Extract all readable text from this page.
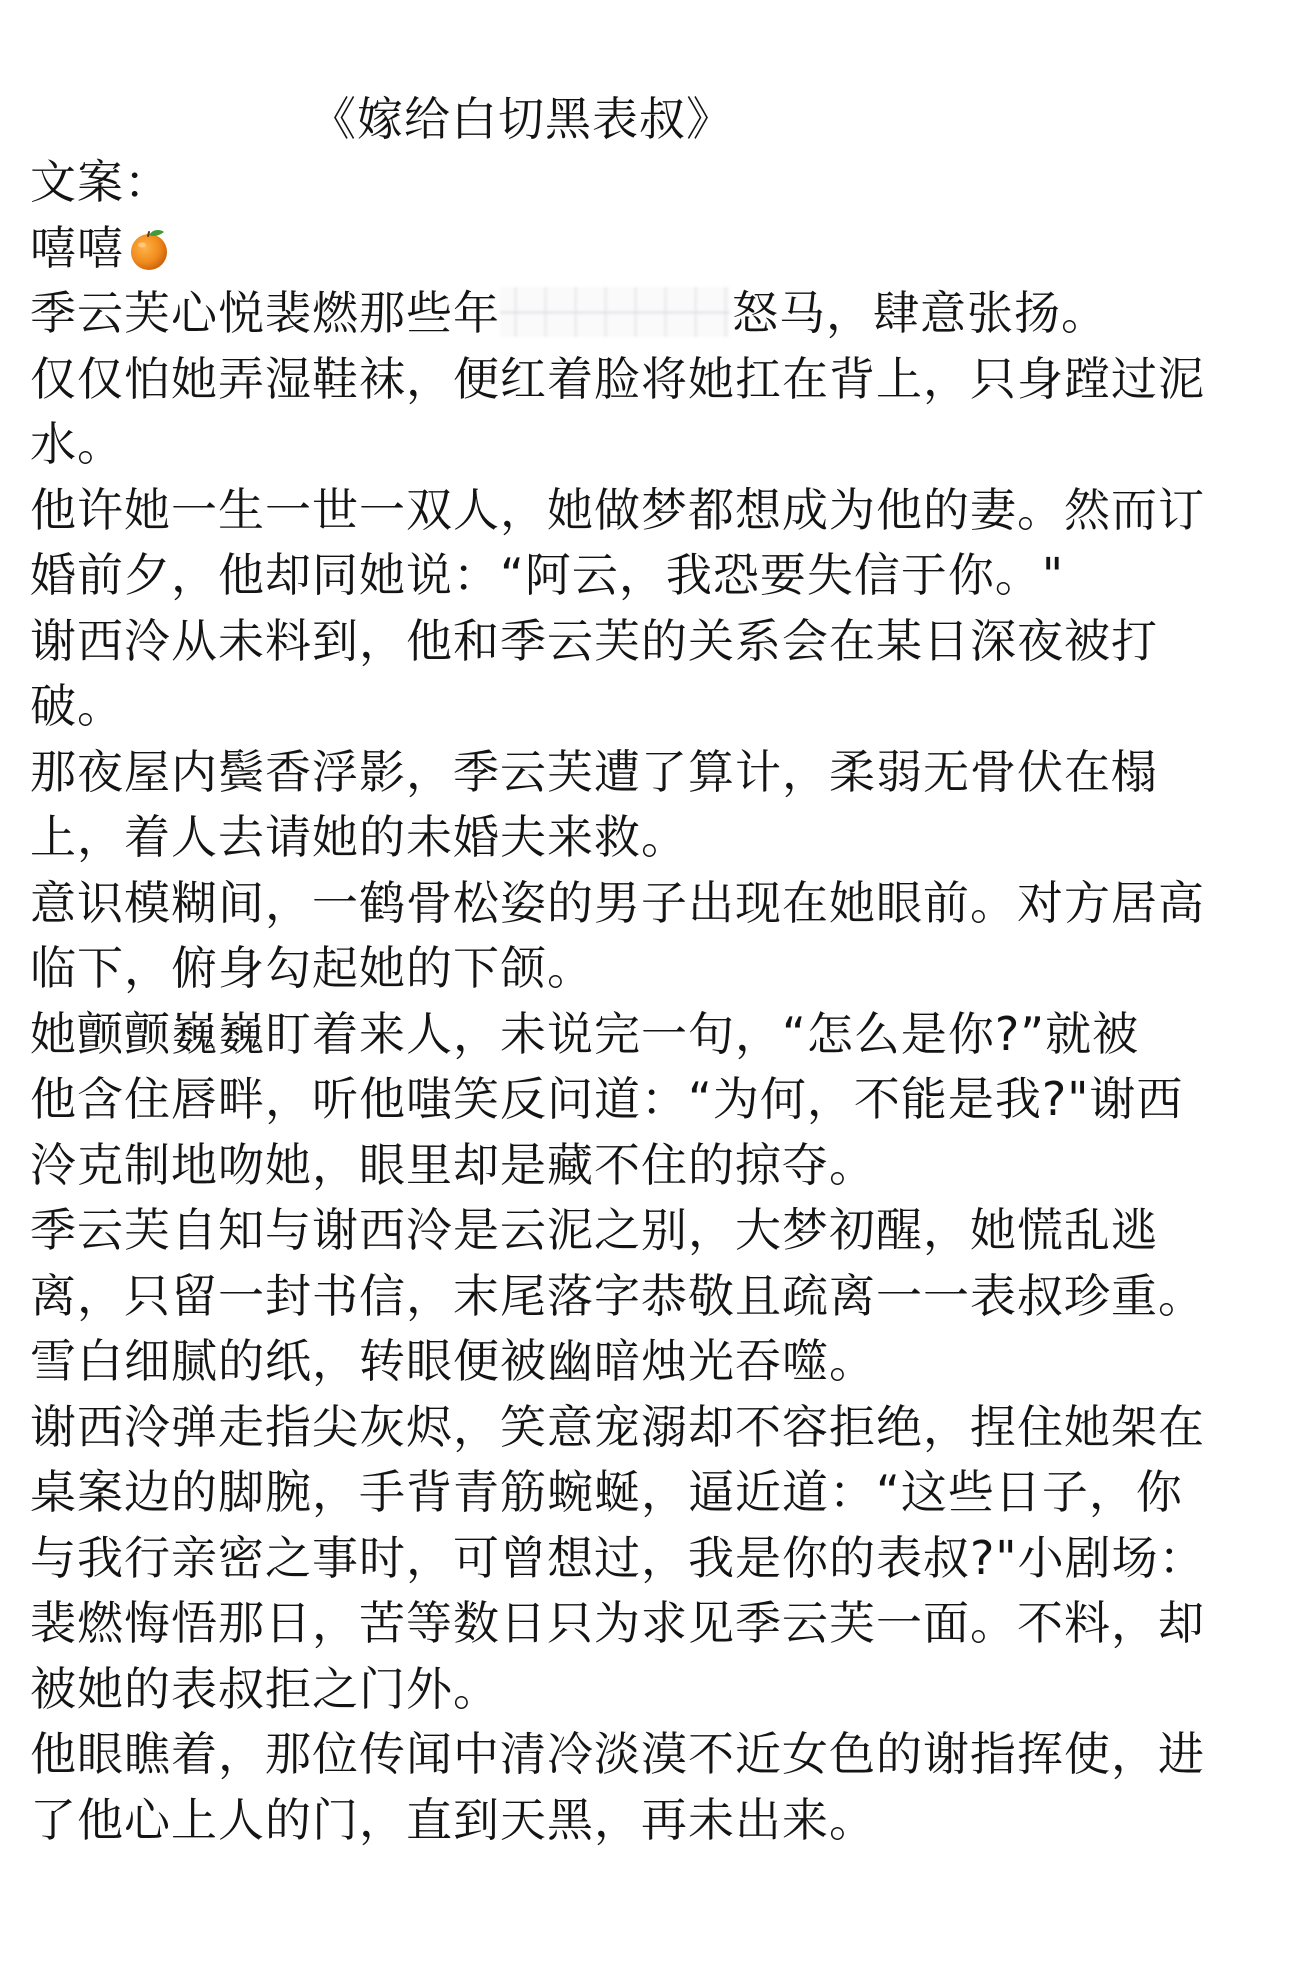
《嫁给白切黑表叔》
文案：
嘻嘻
季云芙心悦裴燃那些年	怒马，肆意张扬。
仅仅怕她弄湿鞋袜，便红着脸将她扛在背上，只身蹚过泥
水。
他许她一生一世一双人，她做梦都想成为他的妻。然而订
婚前夕，他却同她说：“阿云，我恐要失信于你。"
谢西泠从未料到，他和季云芙的关系会在某日深夜被打
破。
那夜屋内鬓香浮影，季云芙遭了算计，柔弱无骨伏在榻
上，着人去请她的未婚夫来救。
意识模糊间，一鹤骨松姿的男子出现在她眼前。对方居高
临下，俯身勾起她的下颌。
她颤颤巍巍盯着来人，未说完一句，“怎么是你?”就被
他含住唇畔，听他嗤笑反问道：“为何，不能是我?"谢西
泠克制地吻她，眼里却是藏不住的掠夺。
季云芙自知与谢西泠是云泥之别，大梦初醒，她慌乱逃
离，只留一封书信，末尾落字恭敬且疏离一一表叔珍重。
雪白细腻的纸，转眼便被幽暗烛光吞噬。
谢西泠弹走指尖灰烬，笑意宠溺却不容拒绝，捏住她架在
桌案边的脚腕，手背青筋蜿蜒，逼近道：“这些日子，你
与我行亲密之事时，可曾想过，我是你的表叔?"小剧场：
裴燃悔悟那日，苦等数日只为求见季云芙一面。不料，却
被她的表叔拒之门外。
他眼瞧着，那位传闻中清冷淡漠不近女色的谢指挥使，进
了他心上人的门，直到天黑，再未出来。
